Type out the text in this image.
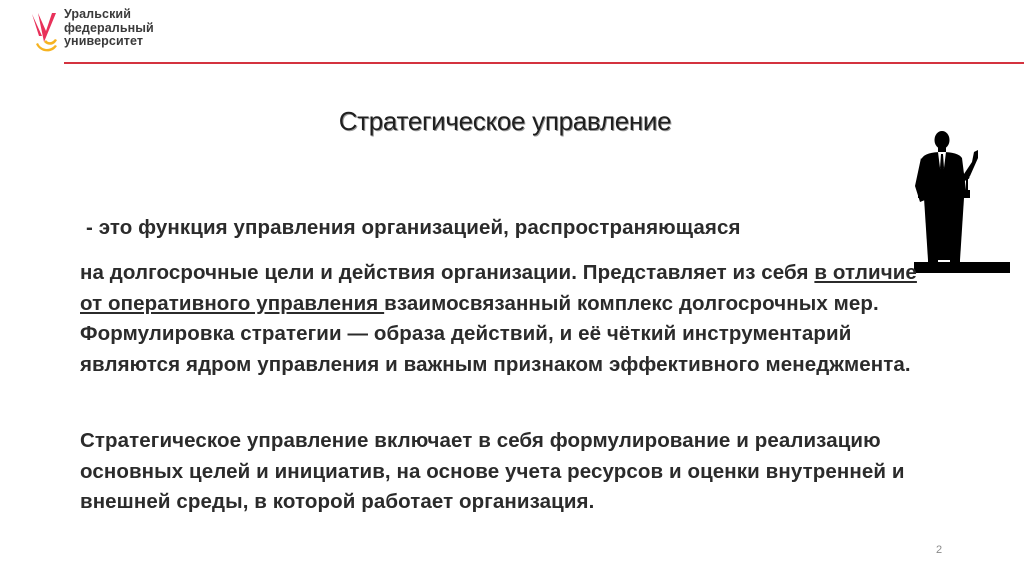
Уральский
федеральный
университет
Стратегическое управление
- это функция управления организацией, распространяющаяся
на долгосрочные цели и действия организации. Представляет из себя в отличие от оперативного управления взаимосвязанный комплекс долгосрочных мер. Формулировка стратегии — образа действий, и её чёткий инструментарий являются ядром управления и важным признаком эффективного менеджмента.
Стратегическое управление включает в себя формулирование и реализацию основных целей и инициатив, на основе учета ресурсов и оценки внутренней и внешней среды, в которой работает организация.
2
